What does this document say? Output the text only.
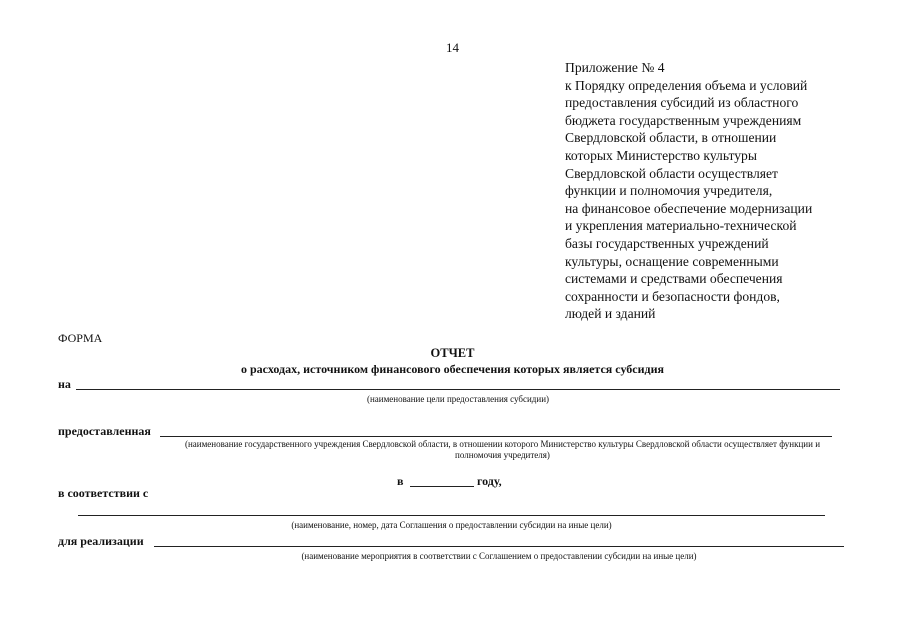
14
Приложение № 4
к Порядку определения объема и условий
предоставления субсидий из областного
бюджета государственным учреждениям
Свердловской области, в отношении
которых Министерство культуры
Свердловской области осуществляет
функции и полномочия учредителя,
на финансовое обеспечение модернизации
и укрепления материально-технической
базы государственных учреждений
культуры, оснащение современными
системами и средствами обеспечения
сохранности и безопасности фондов,
людей и зданий
ФОРМА
ОТЧЕТ
о расходах, источником финансового обеспечения которых является субсидия
на
(наименование цели предоставления субсидии)
предоставленная
(наименование государственного учреждения Свердловской области, в отношении которого Министерство культуры Свердловской области осуществляет функции и полномочия учредителя)
в	году,
в соответствии с
(наименование, номер, дата Соглашения о предоставлении субсидии на иные цели)
для реализации
(наименование мероприятия в соответствии с Соглашением о предоставлении субсидии на иные цели)
